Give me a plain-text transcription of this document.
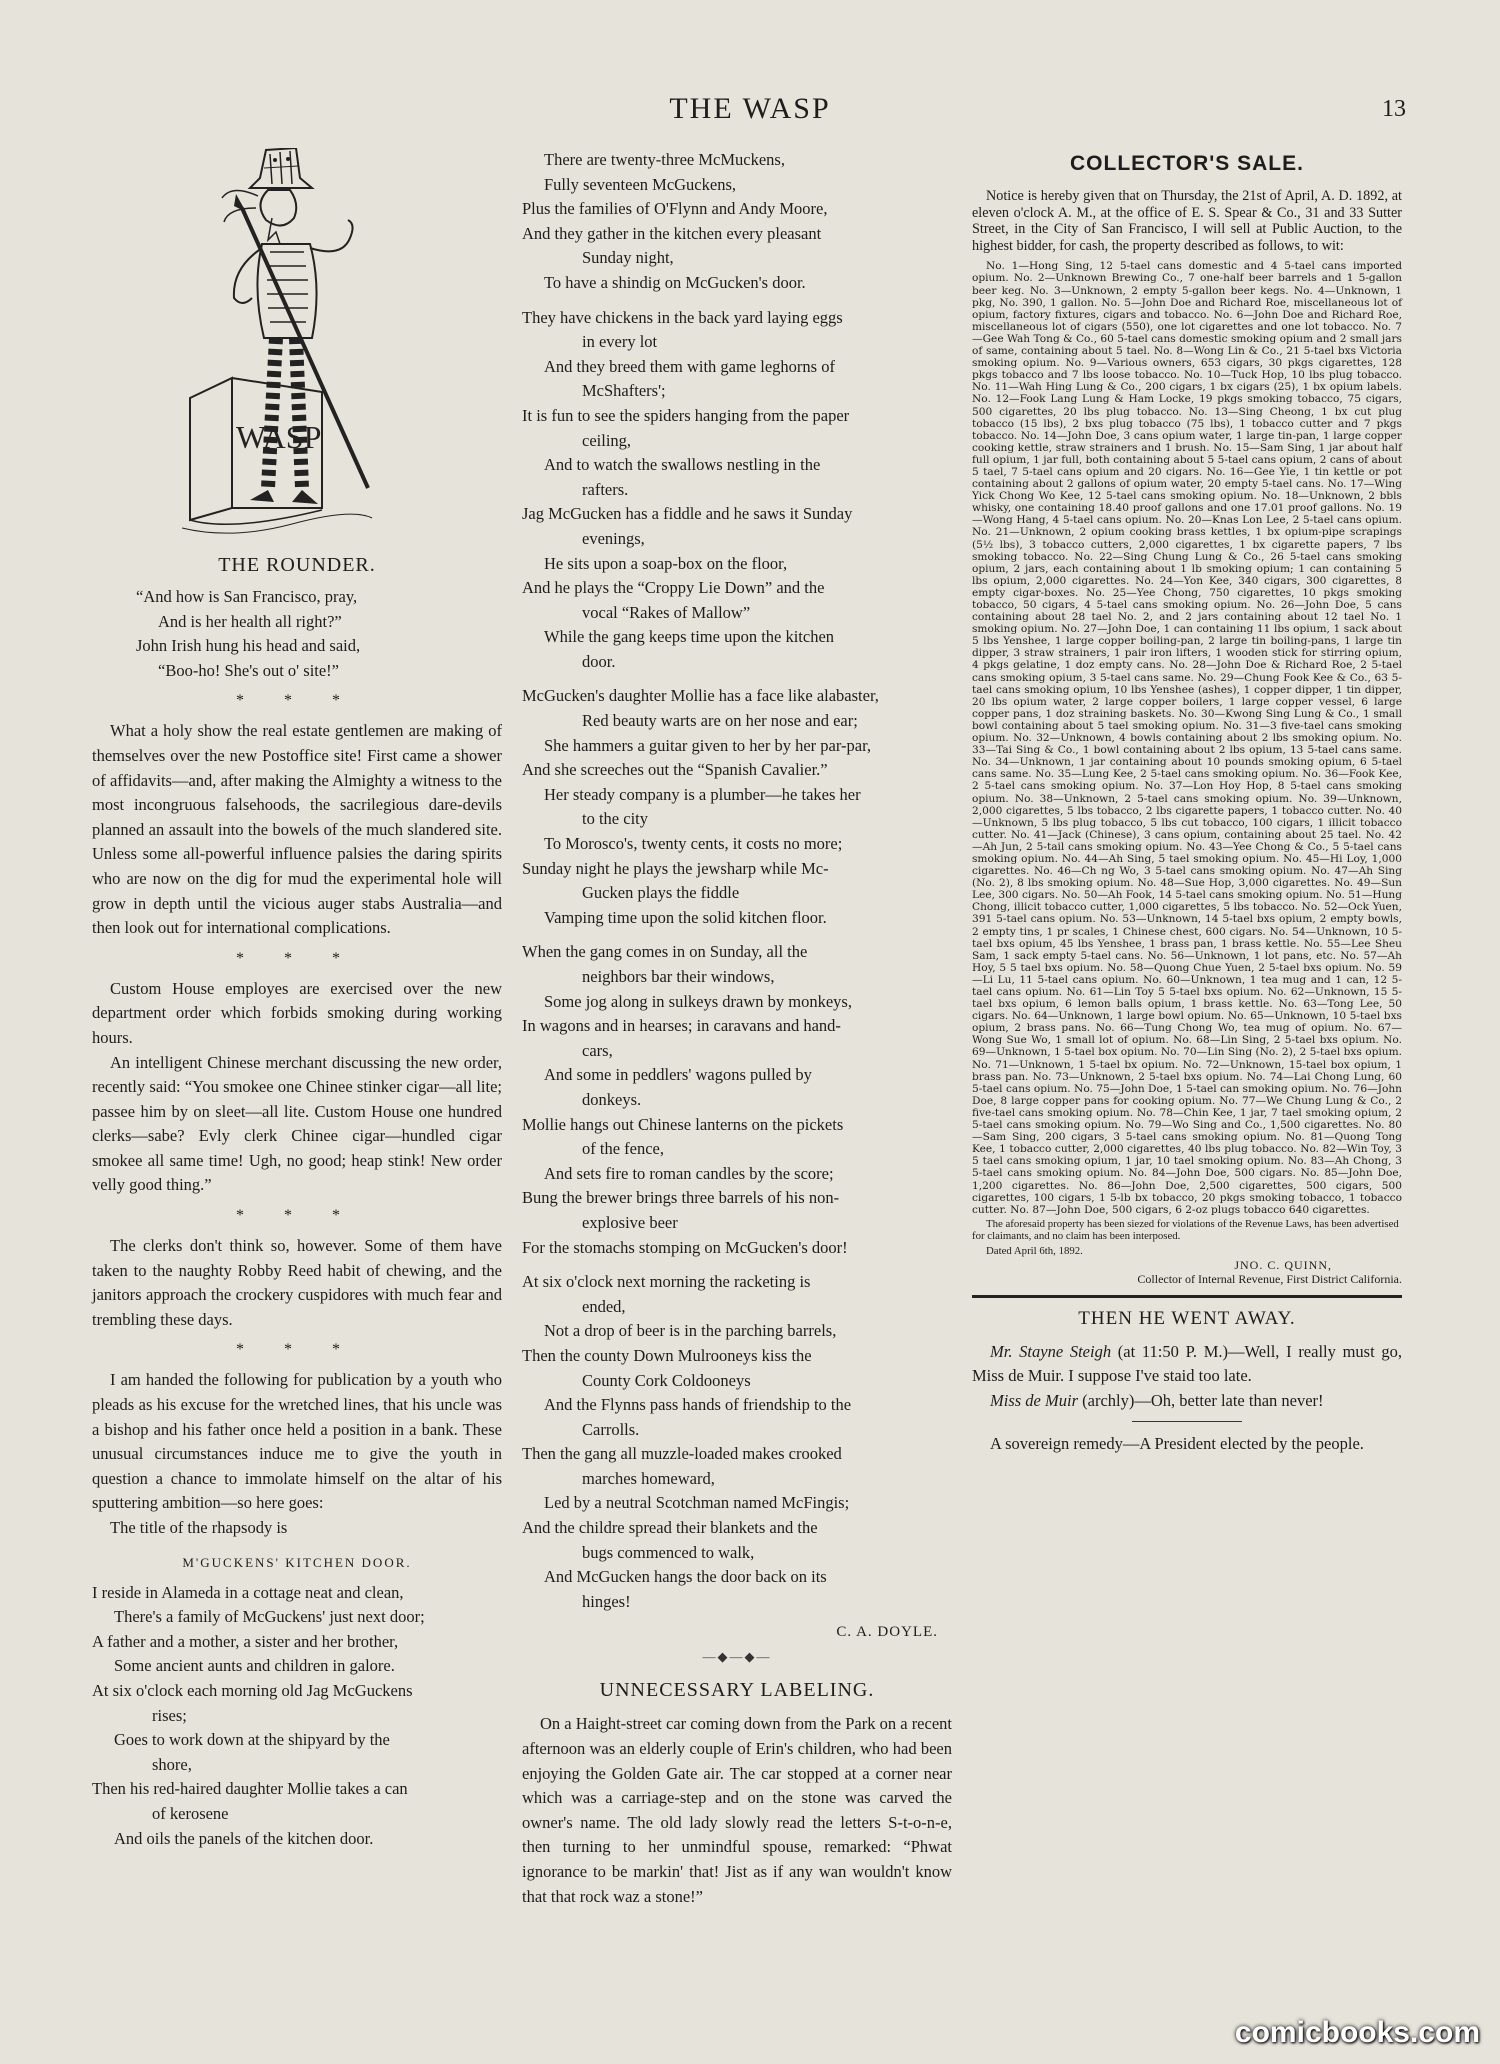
THE WASP	13
WASP
THE ROUNDER.
“And how is San Francisco, pray,
And is her health all right?”
John Irish hung his head and said,
“Boo-ho! She's out o' site!”
* * *

What a holy show the real estate gentlemen are making of themselves over the new Postoffice site! First came a shower of affidavits—and, after making the Almighty a witness to the most incongruous falsehoods, the sacrilegious dare-devils planned an assault into the bowels of the much slandered site. Unless some all-powerful influence palsies the daring spirits who are now on the dig for mud the experimental hole will grow in depth until the vicious auger stabs Australia—and then look out for international complications.

* * *

Custom House employes are exercised over the new department order which forbids smoking during working hours.

An intelligent Chinese merchant discussing the new order, recently said: “You smokee one Chinee stinker cigar—all lite; passee him by on sleet—all lite. Custom House one hundred clerks—sabe? Evly clerk Chinee cigar—hundled cigar smokee all same time! Ugh, no good; heap stink! New order velly good thing.”

* * *

The clerks don't think so, however. Some of them have taken to the naughty Robby Reed habit of chewing, and the janitors approach the crockery cuspidores with much fear and trembling these days.

* * *

I am handed the following for publication by a youth who pleads as his excuse for the wretched lines, that his uncle was a bishop and his father once held a position in a bank. These unusual circumstances induce me to give the youth in question a chance to immolate himself on the altar of his sputtering ambition—so here goes:

The title of the rhapsody is

M'GUCKENS' KITCHEN DOOR.
I reside in Alameda in a cottage neat and clean,
There's a family of McGuckens' just next door;
A father and a mother, a sister and her brother,
Some ancient aunts and children in galore.
At six o'clock each morning old Jag McGuckens
rises;
Goes to work down at the shipyard by the
shore,
Then his red-haired daughter Mollie takes a can
of kerosene
And oils the panels of the kitchen door.
There are twenty-three McMuckens,
Fully seventeen McGuckens,
Plus the families of O'Flynn and Andy Moore,
And they gather in the kitchen every pleasant
Sunday night,
To have a shindig on McGucken's door.
They have chickens in the back yard laying eggs
in every lot
And they breed them with game leghorns of
McShafters';
It is fun to see the spiders hanging from the paper
ceiling,
And to watch the swallows nestling in the
rafters.
Jag McGucken has a fiddle and he saws it Sunday
evenings,
He sits upon a soap-box on the floor,
And he plays the “Croppy Lie Down” and the
vocal “Rakes of Mallow”
While the gang keeps time upon the kitchen
door.
McGucken's daughter Mollie has a face like alabaster,
Red beauty warts are on her nose and ear;
She hammers a guitar given to her by her par-par,
And she screeches out the “Spanish Cavalier.”
Her steady company is a plumber—he takes her
to the city
To Morosco's, twenty cents, it costs no more;
Sunday night he plays the jewsharp while Mc-
Gucken plays the fiddle
Vamping time upon the solid kitchen floor.
When the gang comes in on Sunday, all the
neighbors bar their windows,
Some jog along in sulkeys drawn by monkeys,
In wagons and in hearses; in caravans and hand-
cars,
And some in peddlers' wagons pulled by
donkeys.
Mollie hangs out Chinese lanterns on the pickets
of the fence,
And sets fire to roman candles by the score;
Bung the brewer brings three barrels of his non-
explosive beer
For the stomachs stomping on McGucken's door!
At six o'clock next morning the racketing is
ended,
Not a drop of beer is in the parching barrels,
Then the county Down Mulrooneys kiss the
County Cork Coldooneys
And the Flynns pass hands of friendship to the
Carrolls.
Then the gang all muzzle-loaded makes crooked
marches homeward,
Led by a neutral Scotchman named McFingis;
And the childre spread their blankets and the
bugs commenced to walk,
And McGucken hangs the door back on its
hinges!
C. A. DOYLE.
—◆—◆—
UNNECESSARY LABELING.

On a Haight-street car coming down from the Park on a recent afternoon was an elderly couple of Erin's children, who had been enjoying the Golden Gate air. The car stopped at a corner near which was a carriage-step and on the stone was carved the owner's name. The old lady slowly read the letters S-t-o-n-e, then turning to her unmindful spouse, remarked: “Phwat ignorance to be markin' that! Jist as if any wan wouldn't know that that rock waz a stone!”

COLLECTOR'S SALE.

Notice is hereby given that on Thursday, the 21st of April, A. D. 1892, at eleven o'clock A. M., at the office of E. S. Spear & Co., 31 and 33 Sutter Street, in the City of San Francisco, I will sell at Public Auction, to the highest bidder, for cash, the property described as follows, to wit:

No. 1—Hong Sing, 12 5-tael cans domestic and 4 5-tael cans imported opium. No. 2—Unknown Brewing Co., 7 one-half beer barrels and 1 5-gallon beer keg. No. 3—Unknown, 2 empty 5-gallon beer kegs. No. 4—Unknown, 1 pkg, No. 390, 1 gallon. No. 5—John Doe and Richard Roe, miscellaneous lot of opium, factory fixtures, cigars and tobacco. No. 6—John Doe and Richard Roe, miscellaneous lot of cigars (550), one lot cigarettes and one lot tobacco. No. 7—Gee Wah Tong & Co., 60 5-tael cans domestic smoking opium and 2 small jars of same, containing about 5 tael. No. 8—Wong Lin & Co., 21 5-tael bxs Victoria smoking opium. No. 9—Various owners, 653 cigars, 30 pkgs cigarettes, 128 pkgs tobacco and 7 lbs loose tobacco. No. 10—Tuck Hop, 10 lbs plug tobacco. No. 11—Wah Hing Lung & Co., 200 cigars, 1 bx cigars (25), 1 bx opium labels. No. 12—Fook Lang Lung & Ham Locke, 19 pkgs smoking tobacco, 75 cigars, 500 cigarettes, 20 lbs plug tobacco. No. 13—Sing Cheong, 1 bx cut plug tobacco (15 lbs), 2 bxs plug tobacco (75 lbs), 1 tobacco cutter and 7 pkgs tobacco. No. 14—John Doe, 3 cans opium water, 1 large tin-pan, 1 large copper cooking kettle, straw strainers and 1 brush. No. 15—Sam Sing, 1 jar about half full opium, 1 jar full, both containing about 5 5-tael cans opium, 2 cans of about 5 tael, 7 5-tael cans opium and 20 cigars. No. 16—Gee Yie, 1 tin kettle or pot containing about 2 gallons of opium water, 20 empty 5-tael cans. No. 17—Wing Yick Chong Wo Kee, 12 5-tael cans smoking opium. No. 18—Unknown, 2 bbls whisky, one containing 18.40 proof gallons and one 17.01 proof gallons. No. 19—Wong Hang, 4 5-tael cans opium. No. 20—Knas Lon Lee, 2 5-tael cans opium. No. 21—Unknown, 2 opium cooking brass kettles, 1 bx opium-pipe scrapings (5½ lbs), 3 tobacco cutters, 2,000 cigarettes, 1 bx cigarette papers, 7 lbs smoking tobacco. No. 22—Sing Chung Lung & Co., 26 5-tael cans smoking opium, 2 jars, each containing about 1 lb smoking opium; 1 can containing 5 lbs opium, 2,000 cigarettes. No. 24—Yon Kee, 340 cigars, 300 cigarettes, 8 empty cigar-boxes. No. 25—Yee Chong, 750 cigarettes, 10 pkgs smoking tobacco, 50 cigars, 4 5-tael cans smoking opium. No. 26—John Doe, 5 cans containing about 28 tael No. 2, and 2 jars containing about 12 tael No. 1 smoking opium. No. 27—John Doe, 1 can containing 11 lbs opium, 1 sack about 5 lbs Yenshee, 1 large copper boiling-pan, 2 large tin boiling-pans, 1 large tin dipper, 3 straw strainers, 1 pair iron lifters, 1 wooden stick for stirring opium, 4 pkgs gelatine, 1 doz empty cans. No. 28—John Doe & Richard Roe, 2 5-tael cans smoking opium, 3 5-tael cans same. No. 29—Chung Fook Kee & Co., 63 5-tael cans smoking opium, 10 lbs Yenshee (ashes), 1 copper dipper, 1 tin dipper, 20 lbs opium water, 2 large copper boilers, 1 large copper vessel, 6 large copper pans, 1 doz straining baskets. No. 30—Kwong Sing Lung & Co., 1 small bowl containing about 5 tael smoking opium. No. 31—3 five-tael cans smoking opium. No. 32—Unknown, 4 bowls containing about 2 lbs smoking opium. No. 33—Tai Sing & Co., 1 bowl containing about 2 lbs opium, 13 5-tael cans same. No. 34—Unknown, 1 jar containing about 10 pounds smoking opium, 6 5-tael cans same. No. 35—Lung Kee, 2 5-tael cans smoking opium. No. 36—Fook Kee, 2 5-tael cans smoking opium. No. 37—Lon Hoy Hop, 8 5-tael cans smoking opium. No. 38—Unknown, 2 5-tael cans smoking opium. No. 39—Unknown, 2,000 cigarettes, 5 lbs tobacco, 2 lbs cigarette papers, 1 tobacco cutter. No. 40—Unknown, 5 lbs plug tobacco, 5 lbs cut tobacco, 100 cigars, 1 illicit tobacco cutter. No. 41—Jack (Chinese), 3 cans opium, containing about 25 tael. No. 42—Ah Jun, 2 5-tail cans smoking opium. No. 43—Yee Chong & Co., 5 5-tael cans smoking opium. No. 44—Ah Sing, 5 tael smoking opium. No. 45—Hi Loy, 1,000 cigarettes. No. 46—Ch ng Wo, 3 5-tael cans smoking opium. No. 47—Ah Sing (No. 2), 8 lbs smoking opium. No. 48—Sue Hop, 3,000 cigarettes. No. 49—Sun Lee, 300 cigars. No. 50—Ah Fook, 14 5-tael cans smoking opium. No. 51—Hung Chong, illicit tobacco cutter, 1,000 cigarettes, 5 lbs tobacco. No. 52—Ock Yuen, 391 5-tael cans opium. No. 53—Unknown, 14 5-tael bxs opium, 2 empty bowls, 2 empty tins, 1 pr scales, 1 Chinese chest, 600 cigars. No. 54—Unknown, 10 5-tael bxs opium, 45 lbs Yenshee, 1 brass pan, 1 brass kettle. No. 55—Lee Sheu Sam, 1 sack empty 5-tael cans. No. 56—Unknown, 1 lot pans, etc. No. 57—Ah Hoy, 5 5 tael bxs opium. No. 58—Quong Chue Yuen, 2 5-tael bxs opium. No. 59—Li Lu, 11 5-tael cans opium. No. 60—Unknown, 1 tea mug and 1 can, 12 5-tael cans opium. No. 61—Lin Toy 5 5-tael bxs opium. No. 62—Unknown, 15 5-tael bxs opium, 6 lemon balls opium, 1 brass kettle. No. 63—Tong Lee, 50 cigars. No. 64—Unknown, 1 large bowl opium. No. 65—Unknown, 10 5-tael bxs opium, 2 brass pans. No. 66—Tung Chong Wo, tea mug of opium. No. 67—Wong Sue Wo, 1 small lot of opium. No. 68—Lin Sing, 2 5-tael bxs opium. No. 69—Unknown, 1 5-tael box opium. No. 70—Lin Sing (No. 2), 2 5-tael bxs opium. No. 71—Unknown, 1 5-tael bx opium. No. 72—Unknown, 15-tael box opium, 1 brass pan. No. 73—Unknown, 2 5-tael bxs opium. No. 74—Lai Chong Lung, 60 5-tael cans opium. No. 75—John Doe, 1 5-tael can smoking opium. No. 76—John Doe, 8 large copper pans for cooking opium. No. 77—We Chung Lung & Co., 2 five-tael cans smoking opium. No. 78—Chin Kee, 1 jar, 7 tael smoking opium, 2 5-tael cans smoking opium. No. 79—Wo Sing and Co., 1,500 cigarettes. No. 80—Sam Sing, 200 cigars, 3 5-tael cans smoking opium. No. 81—Quong Tong Kee, 1 tobacco cutter, 2,000 cigarettes, 40 lbs plug tobacco. No. 82—Win Toy, 3 5 tael cans smoking opium, 1 jar, 10 tael smoking opium. No. 83—Ah Chong, 3 5-tael cans smoking opium. No. 84—John Doe, 500 cigars. No. 85—John Doe, 1,200 cigarettes. No. 86—John Doe, 2,500 cigarettes, 500 cigars, 500 cigarettes, 100 cigars, 1 5-lb bx tobacco, 20 pkgs smoking tobacco, 1 tobacco cutter. No. 87—John Doe, 500 cigars, 6 2-oz plugs tobacco 640 cigarettes.

The aforesaid property has been siezed for violations of the Revenue Laws, has been advertised for claimants, and no claim has been interposed.

Dated April 6th, 1892.

JNO. C. QUINN,
Collector of Internal Revenue, First District California.
THEN HE WENT AWAY.

Mr. Stayne Steigh (at 11:50 P. M.)—Well, I really must go, Miss de Muir. I suppose I've staid too late.

Miss de Muir (archly)—Oh, better late than never!

A sovereign remedy—A President elected by the people.

comicbooks.com
